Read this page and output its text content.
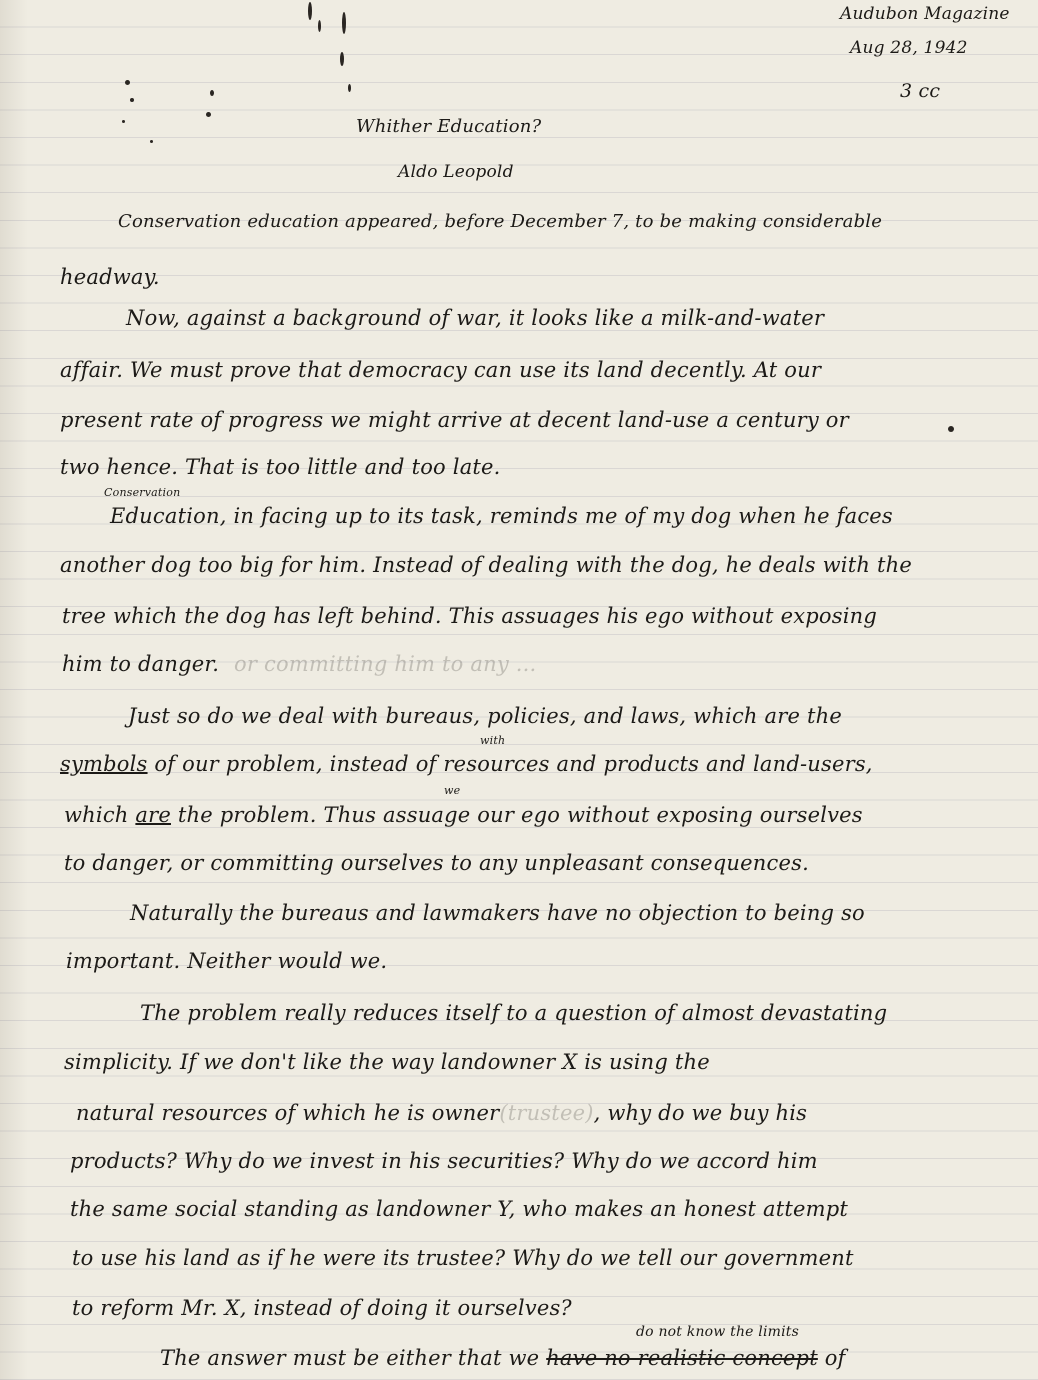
Audubon Magazine
Aug 28, 1942
3 cc
Whither Education?
Aldo Leopold
Conservation education appeared, before December 7, to be making considerable
headway.
Now, against a background of war, it looks like a milk-and-water
affair. We must prove that democracy can use its land decently. At our
present rate of progress we might arrive at decent land-use a century or
two hence. That is too little and too late.
Conservation
Education, in facing up to its task, reminds me of my dog when he faces
another dog too big for him. Instead of dealing with the dog, he deals with the
tree which the dog has left behind. This assuages his ego without exposing
him to danger. or committing him to any ...
Just so do we deal with bureaus, policies, and laws, which are the
with
symbols of our problem, instead of resources and products and land-users,
we
which are the problem. Thus assuage our ego without exposing ourselves
to danger, or committing ourselves to any unpleasant consequences.
Naturally the bureaus and lawmakers have no objection to being so
important. Neither would we.
The problem really reduces itself to a question of almost devastating
simplicity. If we don't like the way landowner X is using the
natural resources of which he is owner(trustee), why do we buy his
products? Why do we invest in his securities? Why do we accord him
the same social standing as landowner Y, who makes an honest attempt
to use his land as if he were its trustee? Why do we tell our government
to reform Mr. X, instead of doing it ourselves?
do not know the limits
The answer must be either that we have no realistic concept of
